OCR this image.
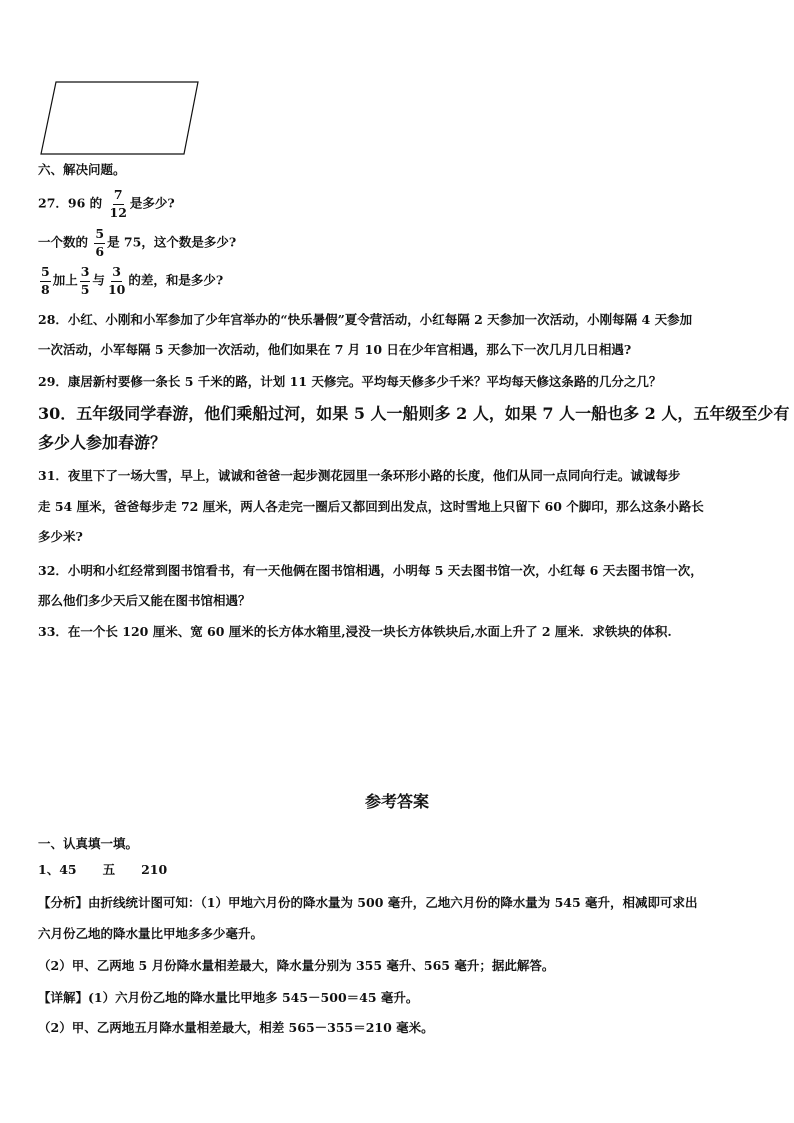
六、解决问题。
27．96 的 $\frac{7}{12}$ 是多少?
一个数的 $\frac{5}{6}$ 是 75，这个数是多少?
$\frac{5}{8}$ 加上 $\frac{3}{5}$ 与 $\frac{3}{10}$ 的差，和是多少?
28．小红、小刚和小军参加了少年宫举办的“快乐暑假”夏令营活动，小红每隔 2 天参加一次活动，小刚每隔 4 天参加
一次活动，小军每隔 5 天参加一次活动，他们如果在 7 月 10 日在少年宫相遇，那么下一次几月几日相遇?
29．康居新村要修一条长 5 千米的路，计划 11 天修完。平均每天修多少千米？平均每天修这条路的几分之几？
30．五年级同学春游，他们乘船过河，如果 5 人一船则多 2 人，如果 7 人一船也多 2 人，五年级至少有
多少人参加春游？
31．夜里下了一场大雪，早上，诚诚和爸爸一起步测花园里一条环形小路的长度，他们从同一点同向行走。诚诚每步
走 54 厘米，爸爸每步走 72 厘米，两人各走完一圈后又都回到出发点，这时雪地上只留下 60 个脚印，那么这条小路长
多少米?
32．小明和小红经常到图书馆看书，有一天他俩在图书馆相遇，小明每 5 天去图书馆一次，小红每 6 天去图书馆一次，
那么他们多少天后又能在图书馆相遇？
33．在一个长 120 厘米、宽 60 厘米的长方体水箱里,浸没一块长方体铁块后,水面上升了 2 厘米．求铁块的体积.
参考答案
一、认真填一填。
1、45 五 210
【分析】由折线统计图可知：（1）甲地六月份的降水量为 500 毫升，乙地六月份的降水量为 545 毫升，相减即可求出
六月份乙地的降水量比甲地多多少毫升。
（2）甲、乙两地 5 月份降水量相差最大，降水量分别为 355 毫升、565 毫升；据此解答。
【详解】(1）六月份乙地的降水量比甲地多 545－500＝45 毫升。
（2）甲、乙两地五月降水量相差最大，相差 565－355＝210 毫米。
